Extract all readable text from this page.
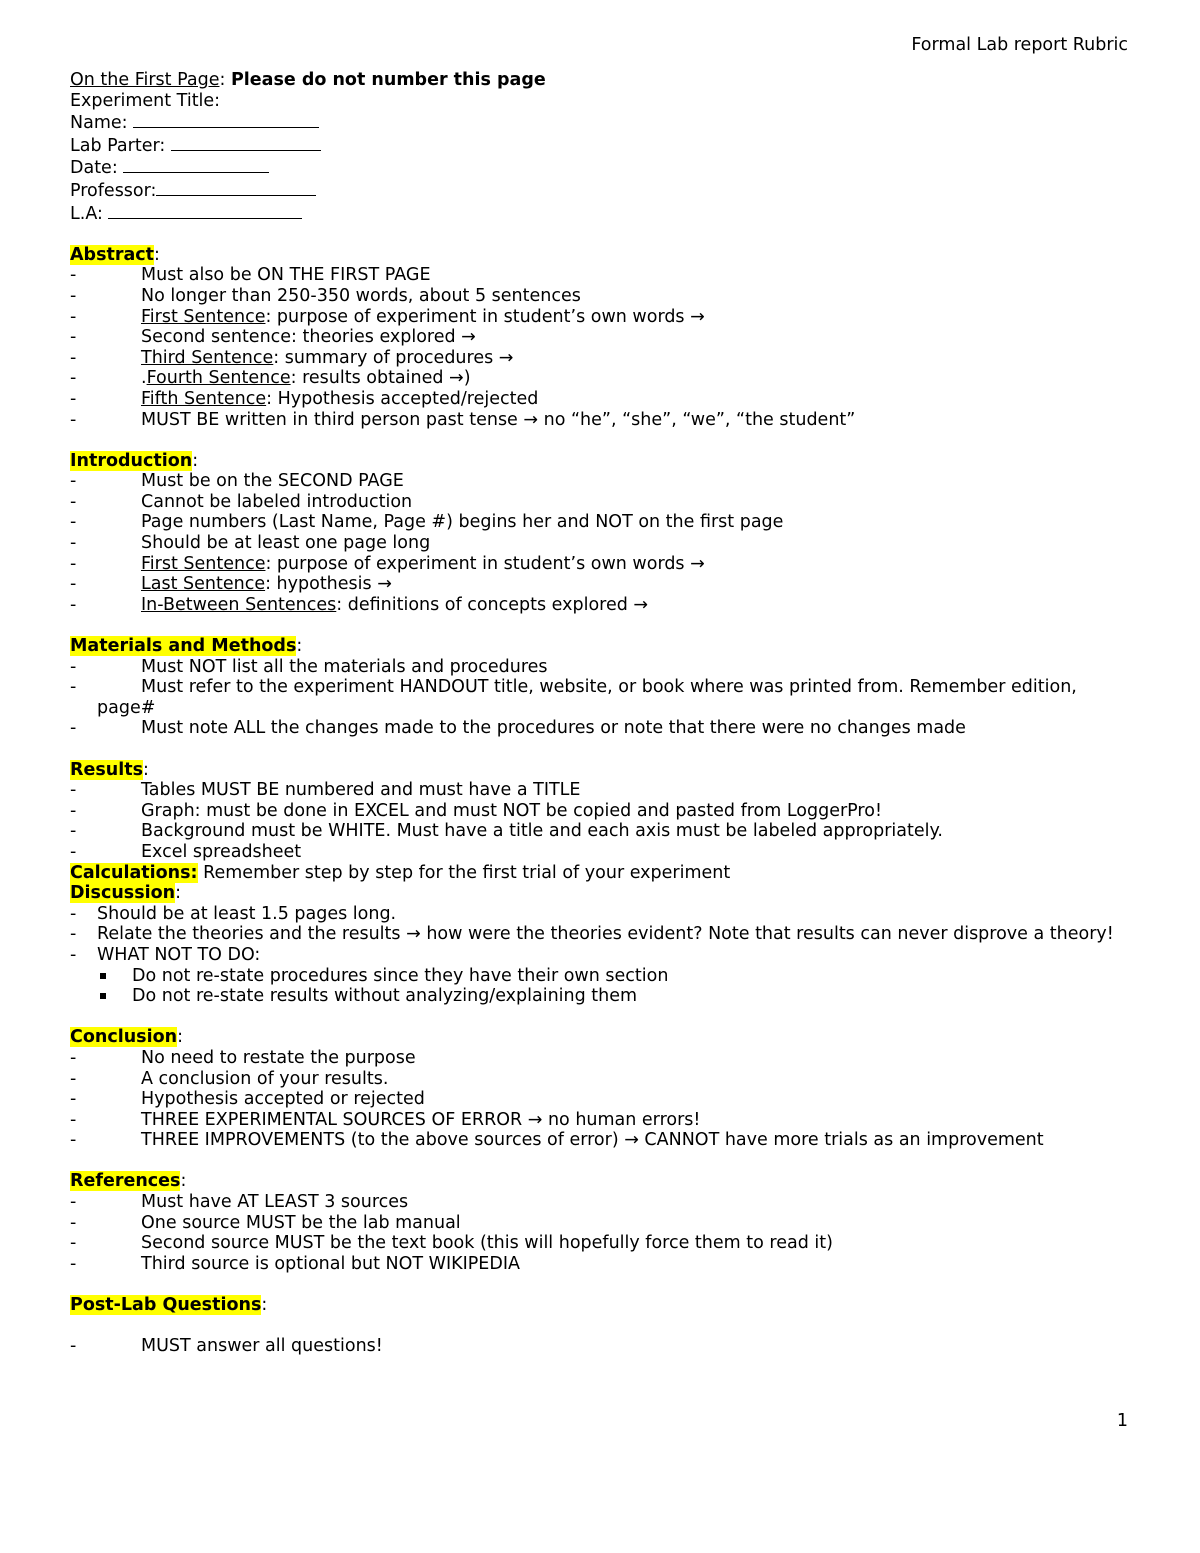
Formal Lab report Rubric
On the First Page: Please do not number this page
Experiment Title:
Name:
Lab Parter:
Date:
Professor:
L.A:
Abstract:
-	Must also be ON THE FIRST PAGE
-	No longer than 250-350 words, about 5 sentences
-	First Sentence: purpose of experiment in student’s own words →
-	Second sentence: theories explored →
-	Third Sentence: summary of procedures →
-	.Fourth Sentence: results obtained →)
-	Fifth Sentence: Hypothesis accepted/rejected
-	MUST BE written in third person past tense → no “he”, “she”, “we”, “the student”
Introduction:
-	Must be on the SECOND PAGE
-	Cannot be labeled introduction
-	Page numbers (Last Name, Page #) begins her and NOT on the first page
-	Should be at least one page long
-	First Sentence: purpose of experiment in student’s own words →
-	Last Sentence: hypothesis →
-	In-Between Sentences: definitions of concepts explored →
Materials and Methods:
-	Must NOT list all the materials and procedures
-	Must refer to the experiment HANDOUT title, website, or book where was printed from. Remember edition,
page#
-	Must note ALL the changes made to the procedures or note that there were no changes made
Results:
-	Tables MUST BE numbered and must have a TITLE
-	Graph: must be done in EXCEL and must NOT be copied and pasted from LoggerPro!
-	Background must be WHITE. Must have a title and each axis must be labeled appropriately.
-	Excel spreadsheet
Calculations: Remember step by step for the first trial of your experiment
Discussion:
- Should be at least 1.5 pages long.
- Relate the theories and the results → how were the theories evident? Note that results can never disprove a theory!
- WHAT NOT TO DO:
Do not re-state procedures since they have their own section
Do not re-state results without analyzing/explaining them
Conclusion:
-	No need to restate the purpose
-	A conclusion of your results.
-	Hypothesis accepted or rejected
-	THREE EXPERIMENTAL SOURCES OF ERROR → no human errors!
-	THREE IMPROVEMENTS (to the above sources of error) → CANNOT have more trials as an improvement
References:
-	Must have AT LEAST 3 sources
-	One source MUST be the lab manual
-	Second source MUST be the text book (this will hopefully force them to read it)
-	Third source is optional but NOT WIKIPEDIA
Post-Lab Questions:
-	MUST answer all questions!
1
